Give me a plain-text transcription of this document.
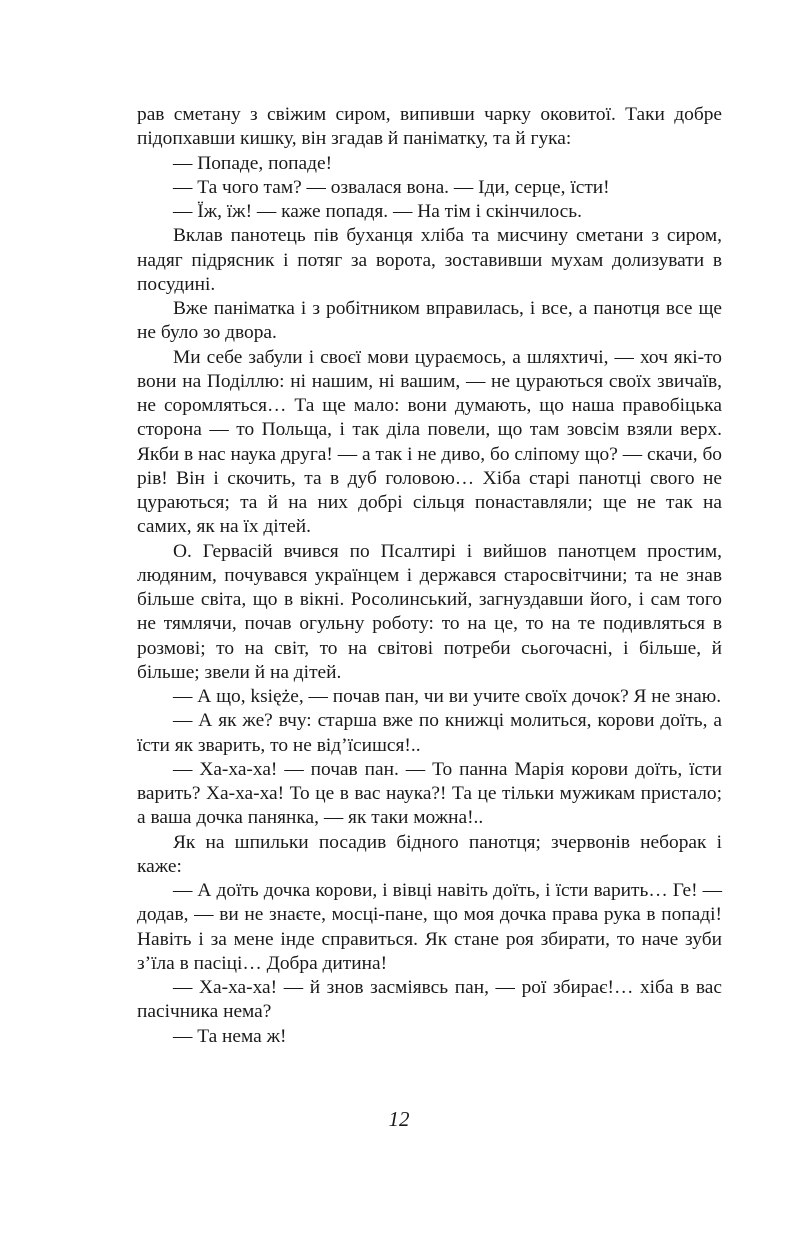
рав сметану з свіжим сиром, випивши чарку оковитої. Таки добре підопхавши кишку, він згадав й паніматку, та й гука:

— Попаде, попаде!

— Та чого там? — озвалася вона. — Іди, серце, їсти!

— Їж, їж! — каже попадя. — На тім і скінчилось.

Вклав панотець пів буханця хліба та мисчину сметани з сиром, надяг підрясник і потяг за ворота, зоставивши мухам долизувати в посудині.

Вже паніматка і з робітником вправилась, і все, а панотця все ще не було зо двора.

Ми себе забули і своєї мови цураємось, а шляхтичі, — хоч які-то вони на Поділлю: ні нашим, ні вашим, — не цураються своїх звичаїв, не соромляться… Та ще мало: вони думають, що наша правобіцька сторона — то Польща, і так діла повели, що там зовсім взяли верх. Якби в нас наука друга! — а так і не диво, бо сліпому що? — скачи, бо рів! Він і скочить, та в дуб головою… Хіба старі панотці свого не цураються; та й на них добрі сільця понаставляли; ще не так на самих, як на їх дітей.

О. Гервасій вчився по Псалтирі і вийшов панотцем простим, людяним, почувався українцем і держався старосвітчини; та не знав більше світа, що в вікні. Росолинський, загнуздавши його, і сам того не тямлячи, почав огульну роботу: то на це, то на те подивляться в розмові; то на світ, то на світові потреби сьогочасні, і більше, й більше; звели й на дітей.

— А що, księże, — почав пан, чи ви учите своїх дочок? Я не знаю.

— А як же? вчу: старша вже по книжці молиться, корови доїть, а їсти як зварить, то не від’їсишся!..

— Ха-ха-ха! — почав пан. — То панна Марія корови доїть, їсти варить? Ха-ха-ха! То це в вас наука?! Та це тільки мужикам пристало; а ваша дочка панянка, — як таки можна!..

Як на шпильки посадив бідного панотця; зчервонів неборак і каже:

— А доїть дочка корови, і вівці навіть доїть, і їсти варить… Ге! — додав, — ви не знаєте, мосці-пане, що моя дочка права рука в попаді! Навіть і за мене інде справиться. Як стане роя збирати, то наче зуби з’їла в пасіці… Добра дитина!

— Ха-ха-ха! — й знов засміявсь пан, — рої збирає!… хіба в вас пасічника нема?

— Та нема ж!

12
